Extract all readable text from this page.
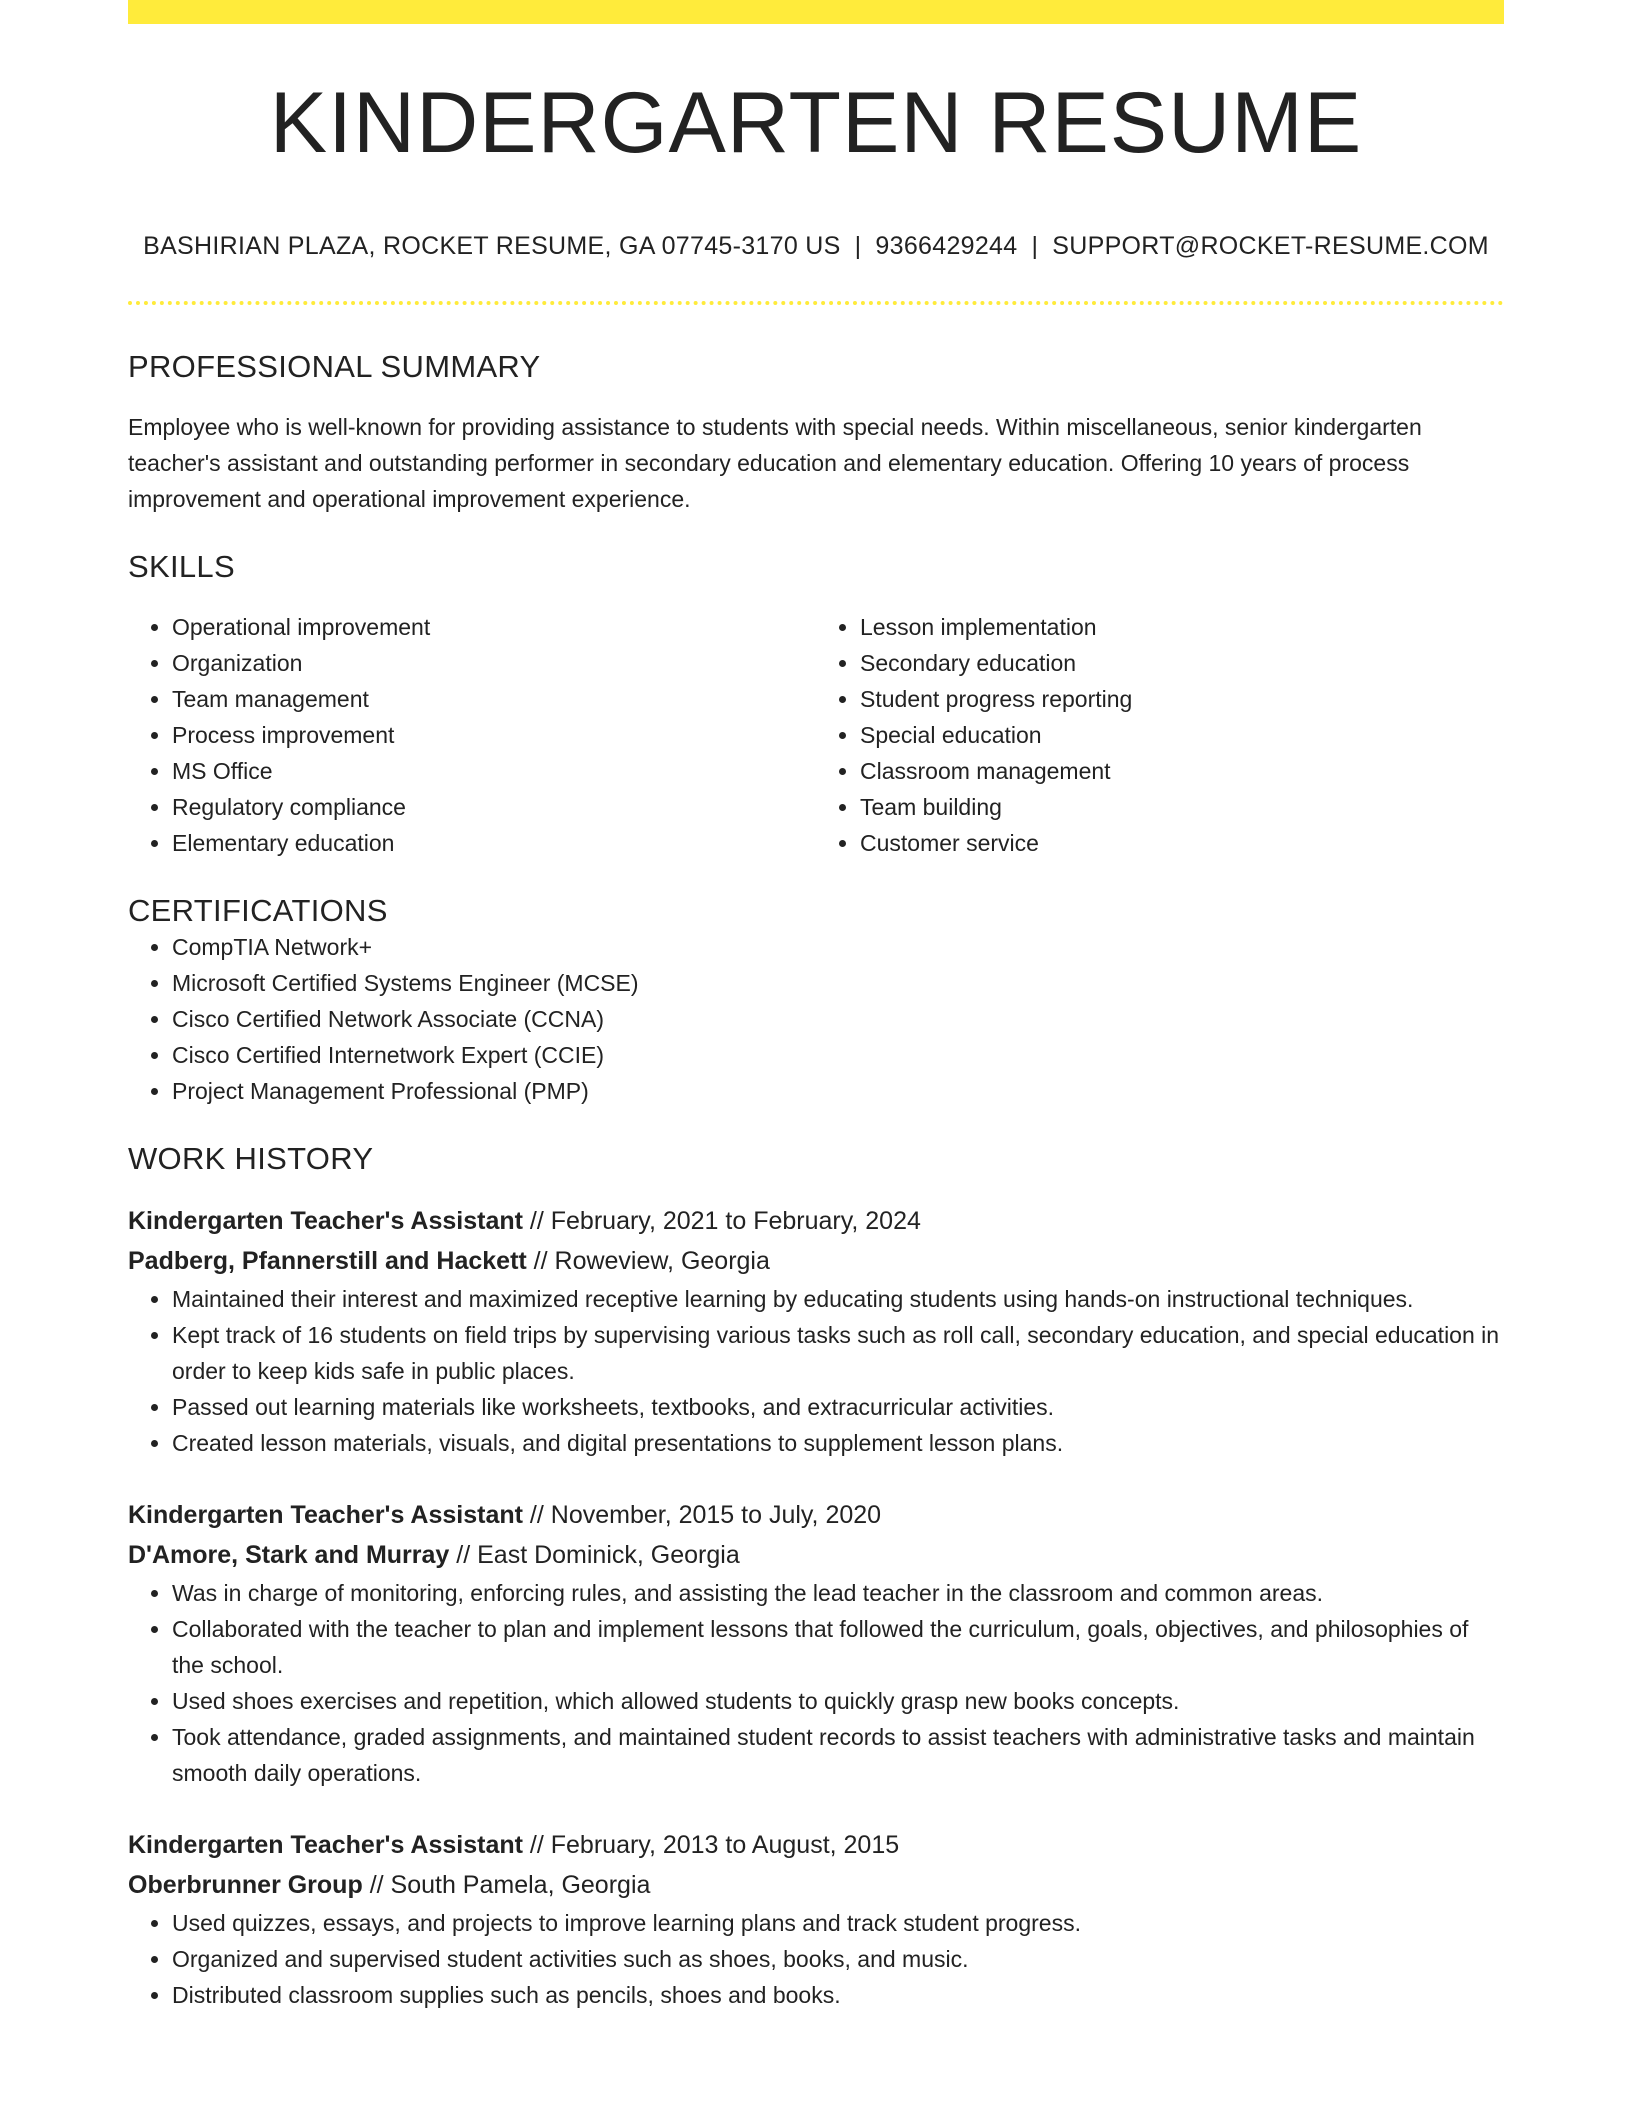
KINDERGARTEN RESUME
BASHIRIAN PLAZA, ROCKET RESUME, GA 07745-3170 US | 9366429244 | SUPPORT@ROCKET-RESUME.COM
PROFESSIONAL SUMMARY
Employee who is well-known for providing assistance to students with special needs. Within miscellaneous, senior kindergarten teacher's assistant and outstanding performer in secondary education and elementary education. Offering 10 years of process improvement and operational improvement experience.
SKILLS
• Operational improvement
• Organization
• Team management
• Process improvement
• MS Office
• Regulatory compliance
• Elementary education
• Lesson implementation
• Secondary education
• Student progress reporting
• Special education
• Classroom management
• Team building
• Customer service
CERTIFICATIONS
• CompTIA Network+
• Microsoft Certified Systems Engineer (MCSE)
• Cisco Certified Network Associate (CCNA)
• Cisco Certified Internetwork Expert (CCIE)
• Project Management Professional (PMP)
WORK HISTORY
Kindergarten Teacher's Assistant // February, 2021 to February, 2024
Padberg, Pfannerstill and Hackett // Roweview, Georgia
• Maintained their interest and maximized receptive learning by educating students using hands-on instructional techniques.
• Kept track of 16 students on field trips by supervising various tasks such as roll call, secondary education, and special education in order to keep kids safe in public places.
• Passed out learning materials like worksheets, textbooks, and extracurricular activities.
• Created lesson materials, visuals, and digital presentations to supplement lesson plans.
Kindergarten Teacher's Assistant // November, 2015 to July, 2020
D'Amore, Stark and Murray // East Dominick, Georgia
• Was in charge of monitoring, enforcing rules, and assisting the lead teacher in the classroom and common areas.
• Collaborated with the teacher to plan and implement lessons that followed the curriculum, goals, objectives, and philosophies of the school.
• Used shoes exercises and repetition, which allowed students to quickly grasp new books concepts.
• Took attendance, graded assignments, and maintained student records to assist teachers with administrative tasks and maintain smooth daily operations.
Kindergarten Teacher's Assistant // February, 2013 to August, 2015
Oberbrunner Group // South Pamela, Georgia
• Used quizzes, essays, and projects to improve learning plans and track student progress.
• Organized and supervised student activities such as shoes, books, and music.
• Distributed classroom supplies such as pencils, shoes and books.
